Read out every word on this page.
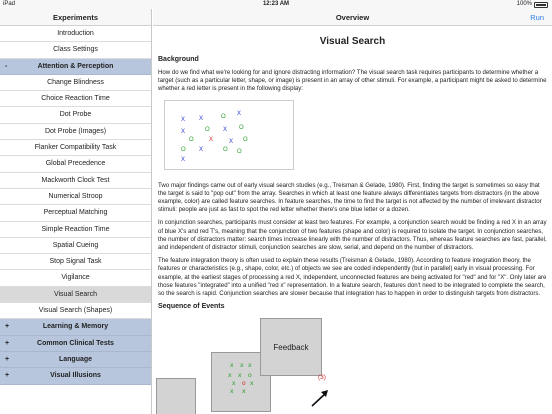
iPad	12:23 AM	100%
Experiments
Introduction
Class Settings
-	Attention & Perception
Change Blindness
Choice Reaction Time
Dot Probe
Dot Probe (Images)
Flanker Compatibility Task
Global Precedence
Mackworth Clock Test
Numerical Stroop
Perceptual Matching
Simple Reaction Time
Spatial Cueing
Stop Signal Task
Vigilance
Visual Search
Visual Search (Shapes)
+	Learning & Memory
+	Common Clinical Tests
+	Language
+	Visual Illusions
Overview	Run
Visual Search
Background

How do we find what we're looking for and ignore distracting information? The visual search task requires participants to determine whether a target (such as a particular letter, shape, or image) is present in an array of other stimuli. For example, a participant might be asked to determine whether a red letter is present in the following display:

X X	O X
X	O X O
O	X	X O
O X	O O
X

Two major findings came out of early visual search studies (e.g., Treisman & Gelade, 1980). First, finding the target is sometimes so easy that the target is said to "pop out" from the array. Searches in which at least one feature always differentiates targets from distractors (in the above example, color) are called feature searches. In feature searches, the time to find the target is not affected by the number of irrelevant distractor stimuli: people are just as fast to spot the red letter whether there's one blue letter or a dozen.

In conjunction searches, participants must consider at least two features. For example, a conjunction search would be finding a red X in an array of blue X's and red T's, meaning that the conjunction of two features (shape and color) is required to isolate the target. In conjunction searches, the number of distractors matter: search times increase linearly with the number of distractors. Thus, whereas feature searches are fast, parallel, and independent of distractor stimuli, conjunction searches are slow, serial, and depend on the number of distractors.

The feature integration theory is often used to explain these results (Treisman & Gelade, 1980). According to feature integration theory, the features or characteristics (e.g., shape, color, etc.) of objects we see are coded independently (but in parallel) early in visual processing. For example, at the earliest stages of processing a red X, independent, unconnected features are being activated for "red" and for "X". Only later are those features "integrated" into a unified "red x" representation. In a feature search, features don't need to be integrated to complete the search, so the search is rapid. Conjunction searches are slower because that integration has to happen in order to distinguish targets from distractors.

Sequence of Events
x x x
x x o
x o x
x x
Feedback
(3)
